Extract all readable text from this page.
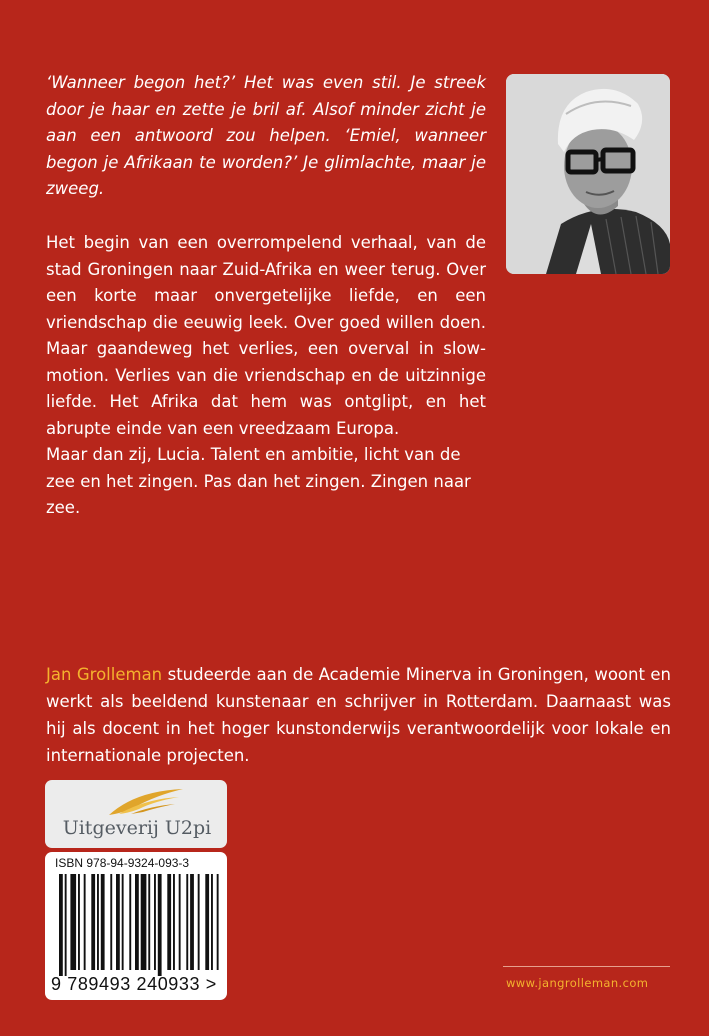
‘Wanneer begon het?’ Het was even stil. Je streek door je haar en zette je bril af. Alsof minder zicht je aan een antwoord zou helpen. ‘Emiel, wanneer begon je Afrikaan te worden?’ Je glimlachte, maar je zweeg.

Het begin van een overrompelend verhaal, van de stad Groningen naar Zuid-Afrika en weer terug. Over een korte maar onvergetelijke liefde, en een vriendschap die eeuwig leek. Over goed willen doen. Maar gaandeweg het verlies, een overval in slow-motion. Verlies van die vriendschap en de uitzinnige liefde. Het Afrika dat hem was ontglipt, en het abrupte einde van een vreedzaam Europa.

Maar dan zij, Lucia. Talent en ambitie, licht van de zee en het zingen. Pas dan het zingen. Zingen naar zee.

Jan Grolleman studeerde aan de Academie Minerva in Groningen, woont en werkt als beeldend kunstenaar en schrijver in Rotterdam. Daarnaast was hij als docent in het hoger kunstonderwijs verantwoordelijk voor lokale en internationale projecten.
Uitgeverij U2pi
ISBN 978-94-9324-093-3
9 789493 240933 >	www.jangrolleman.com
